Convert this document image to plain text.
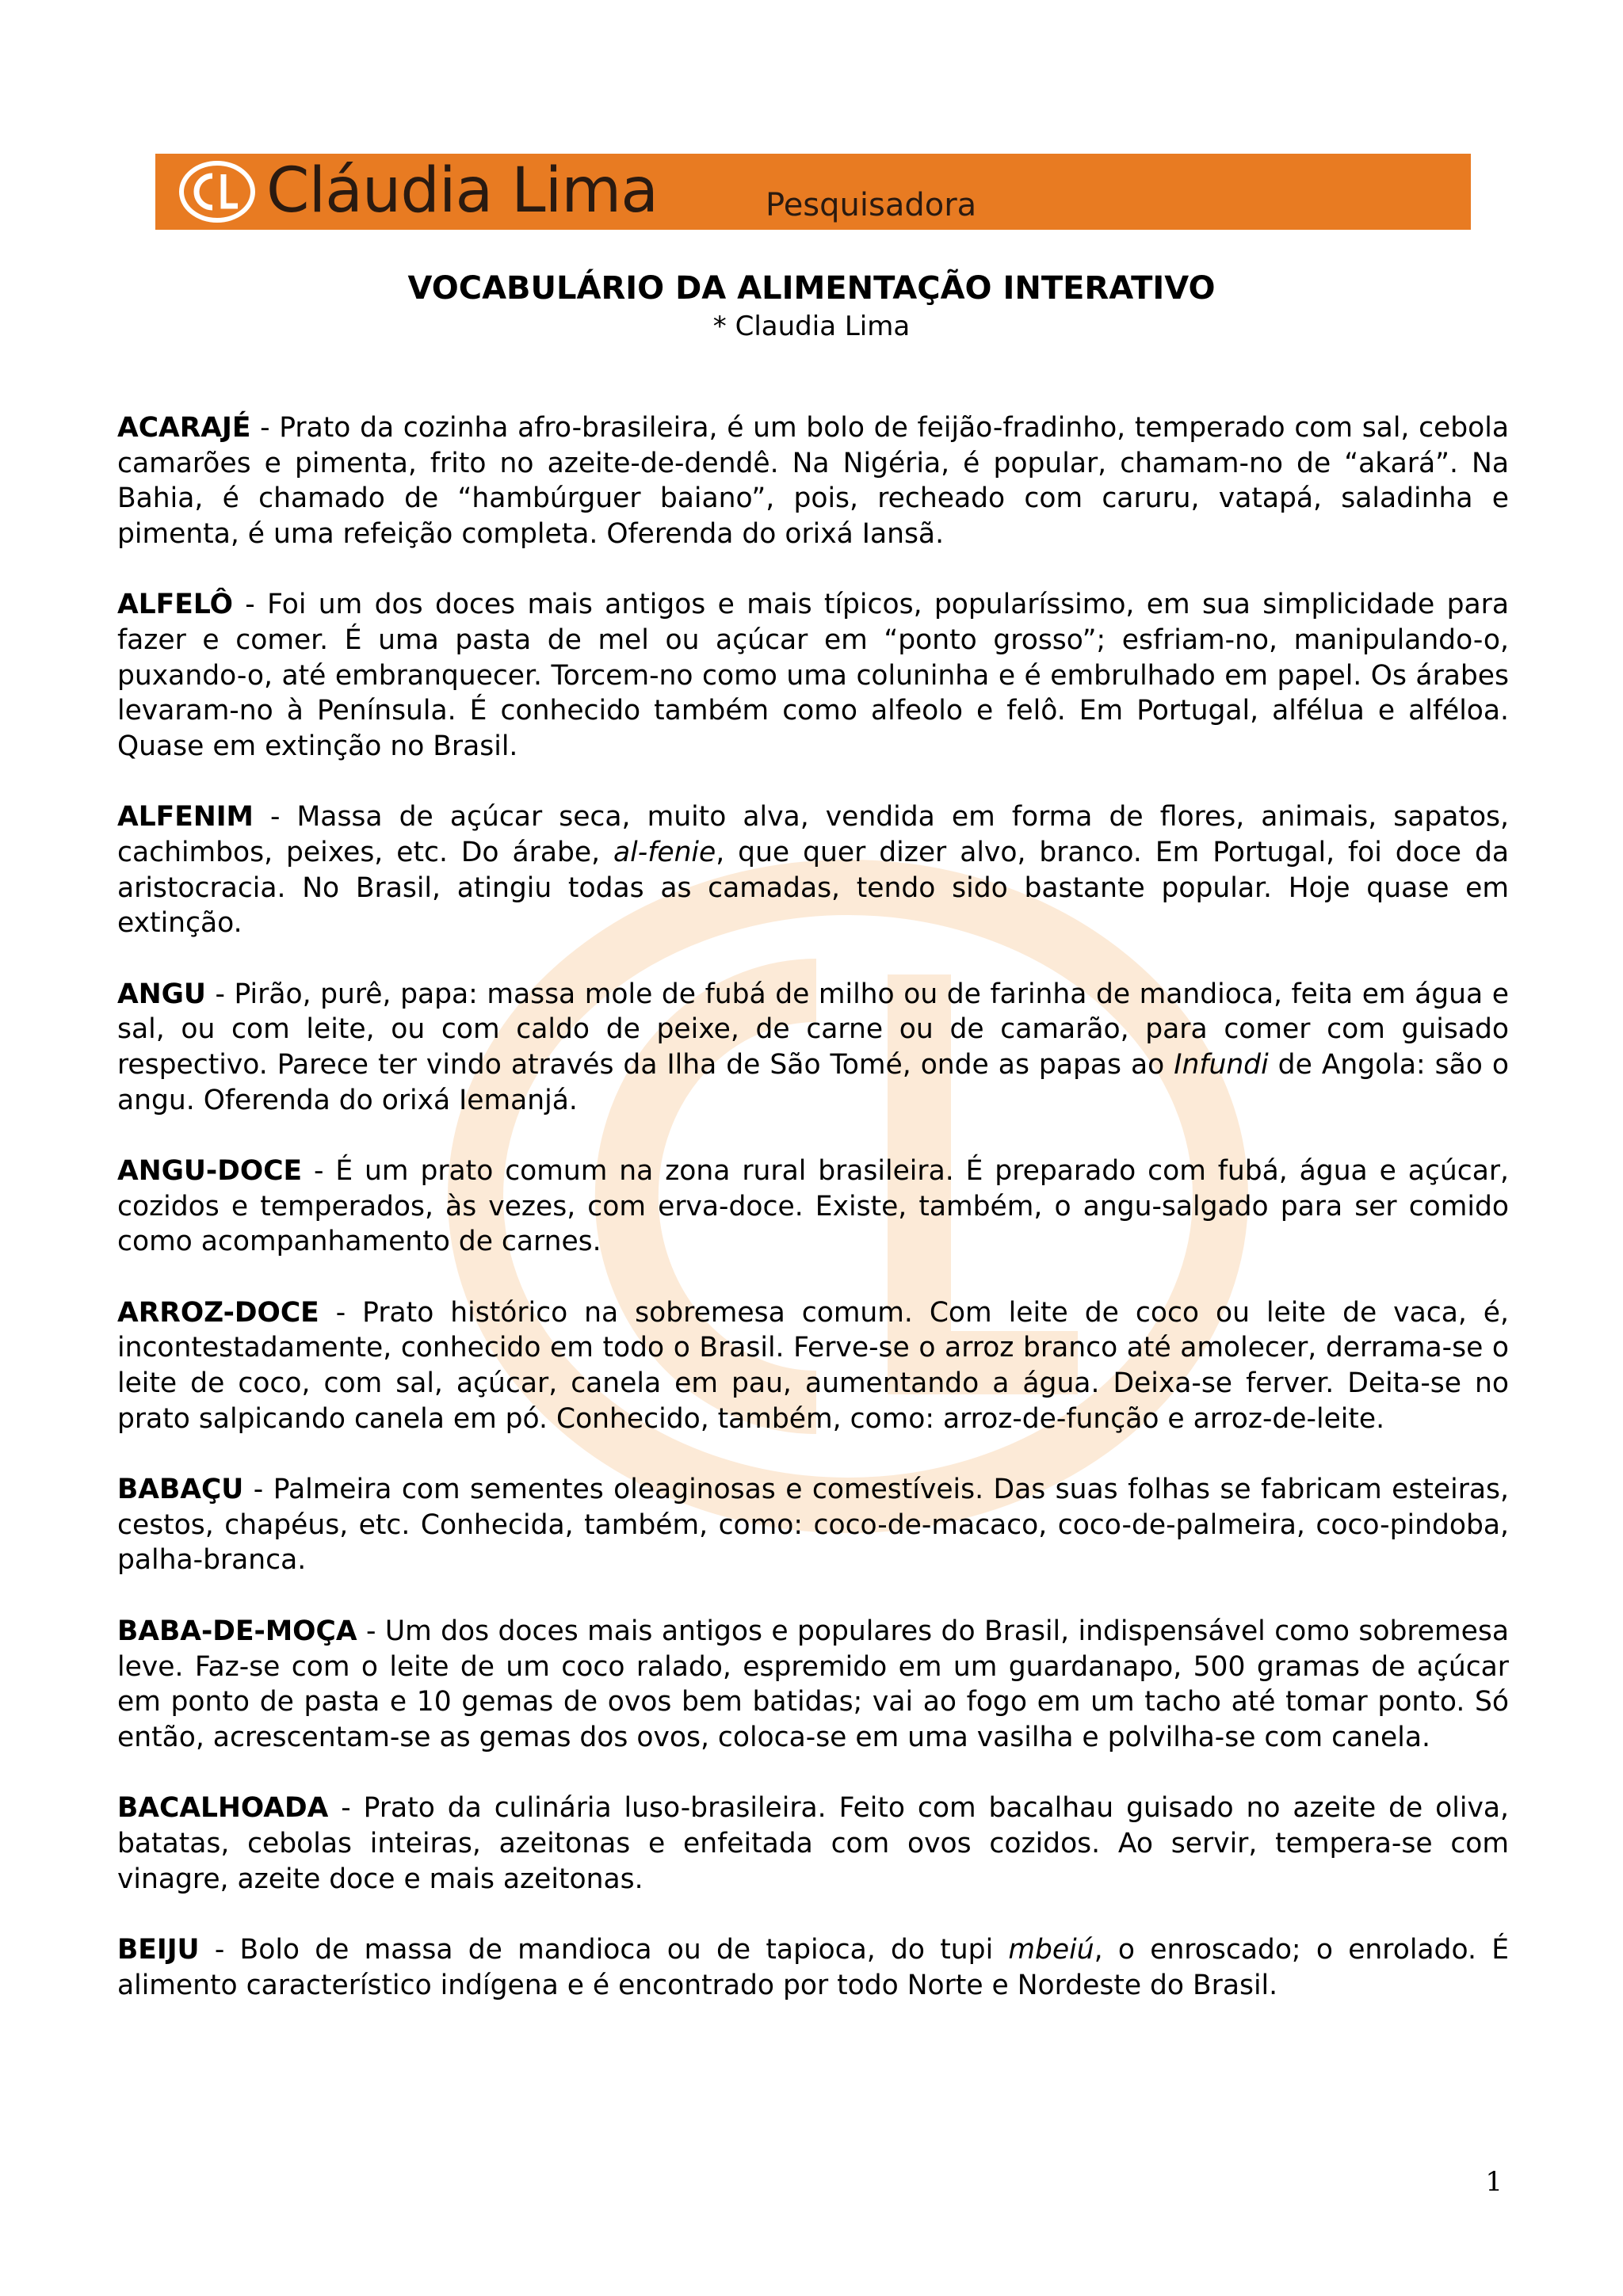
Cláudia Lima	Pesquisadora
VOCABULÁRIO DA ALIMENTAÇÃO INTERATIVO
* Claudia Lima

ACARAJÉ - Prato da cozinha afro-brasileira, é um bolo de feijão-fradinho, temperado com sal, cebola camarões e pimenta, frito no azeite-de-dendê. Na Nigéria, é popular, chamam-no de “akará”. Na Bahia, é chamado de “hambúrguer baiano”, pois, recheado com caruru, vatapá, saladinha e pimenta, é uma refeição completa. Oferenda do orixá Iansã.

ALFELÔ - Foi um dos doces mais antigos e mais típicos, popularíssimo, em sua simplicidade para fazer e comer. É uma pasta de mel ou açúcar em “ponto grosso”; esfriam-no, manipulando-o, puxando-o, até embranquecer. Torcem-no como uma coluninha e é embrulhado em papel. Os árabes levaram-no à Península. É conhecido também como alfeolo e felô. Em Portugal, alfélua e alféloa. Quase em extinção no Brasil.

ALFENIM - Massa de açúcar seca, muito alva, vendida em forma de flores, animais, sapatos, cachimbos, peixes, etc. Do árabe, al-fenie, que quer dizer alvo, branco. Em Portugal, foi doce da aristocracia. No Brasil, atingiu todas as camadas, tendo sido bastante popular. Hoje quase em extinção.

ANGU - Pirão, purê, papa: massa mole de fubá de milho ou de farinha de mandioca, feita em água e sal, ou com leite, ou com caldo de peixe, de carne ou de camarão, para comer com guisado respectivo. Parece ter vindo através da Ilha de São Tomé, onde as papas ao Infundi de Angola: são o angu. Oferenda do orixá Iemanjá.

ANGU-DOCE - É um prato comum na zona rural brasileira. É preparado com fubá, água e açúcar, cozidos e temperados, às vezes, com erva-doce. Existe, também, o angu-salgado para ser comido como acompanhamento de carnes.

ARROZ-DOCE - Prato histórico na sobremesa comum. Com leite de coco ou leite de vaca, é, incontestadamente, conhecido em todo o Brasil. Ferve-se o arroz branco até amolecer, derrama-se o leite de coco, com sal, açúcar, canela em pau, aumentando a água. Deixa-se ferver. Deita-se no prato salpicando canela em pó. Conhecido, também, como: arroz-de-função e arroz-de-leite.

BABAÇU - Palmeira com sementes oleaginosas e comestíveis. Das suas folhas se fabricam esteiras, cestos, chapéus, etc. Conhecida, também, como: coco-de-macaco, coco-de-palmeira, coco-pindoba, palha-branca.

BABA-DE-MOÇA - Um dos doces mais antigos e populares do Brasil, indispensável como sobremesa leve. Faz-se com o leite de um coco ralado, espremido em um guardanapo, 500 gramas de açúcar em ponto de pasta e 10 gemas de ovos bem batidas; vai ao fogo em um tacho até tomar ponto. Só então, acrescentam-se as gemas dos ovos, coloca-se em uma vasilha e polvilha-se com canela.

BACALHOADA - Prato da culinária luso-brasileira. Feito com bacalhau guisado no azeite de oliva, batatas, cebolas inteiras, azeitonas e enfeitada com ovos cozidos. Ao servir, tempera-se com vinagre, azeite doce e mais azeitonas.

BEIJU - Bolo de massa de mandioca ou de tapioca, do tupi mbeiú, o enroscado; o enrolado. É alimento característico indígena e é encontrado por todo Norte e Nordeste do Brasil.

1
